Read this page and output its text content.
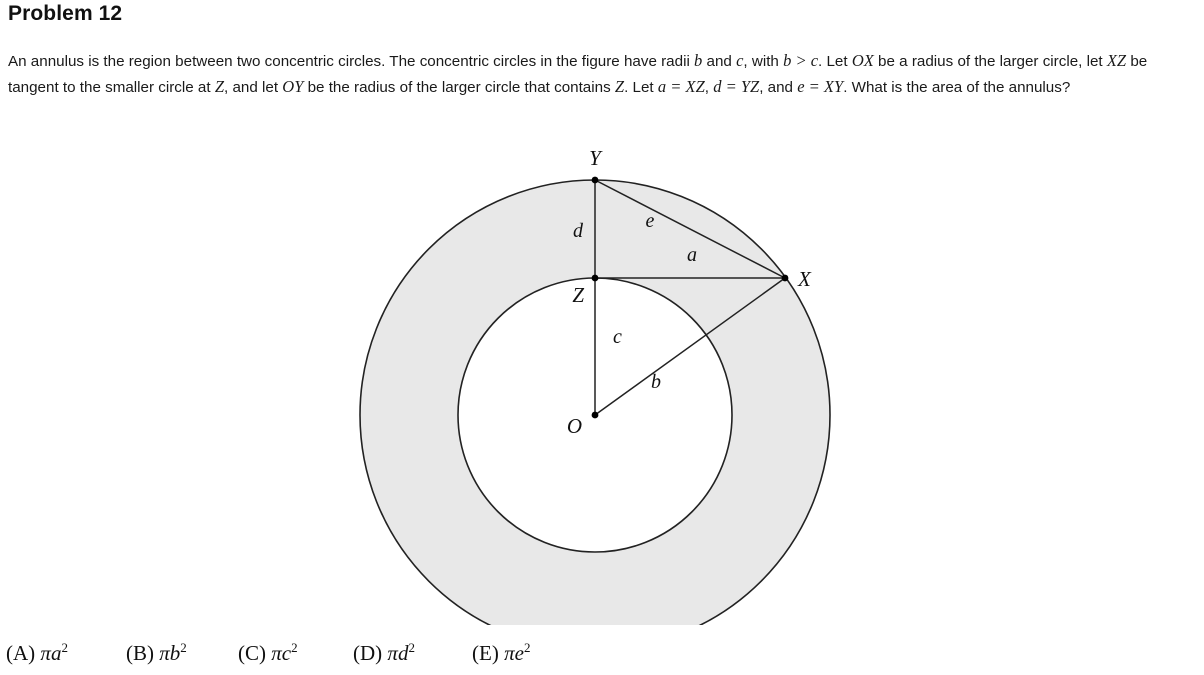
Problem 12
An annulus is the region between two concentric circles. The concentric circles in the figure have radii b and c, with b > c. Let OX be a radius of the larger circle, let XZ be tangent to the smaller circle at Z, and let OY be the radius of the larger circle that contains Z. Let a = XZ, d = YZ, and e = XY. What is the area of the annulus?
Y
X
Z
O
d	e
a
c
b
(A) $\pi a^2$	(B) $\pi b^2$ (C) $\pi c^2$	(D) $\pi d^2$	(E) $\pi e^2$
